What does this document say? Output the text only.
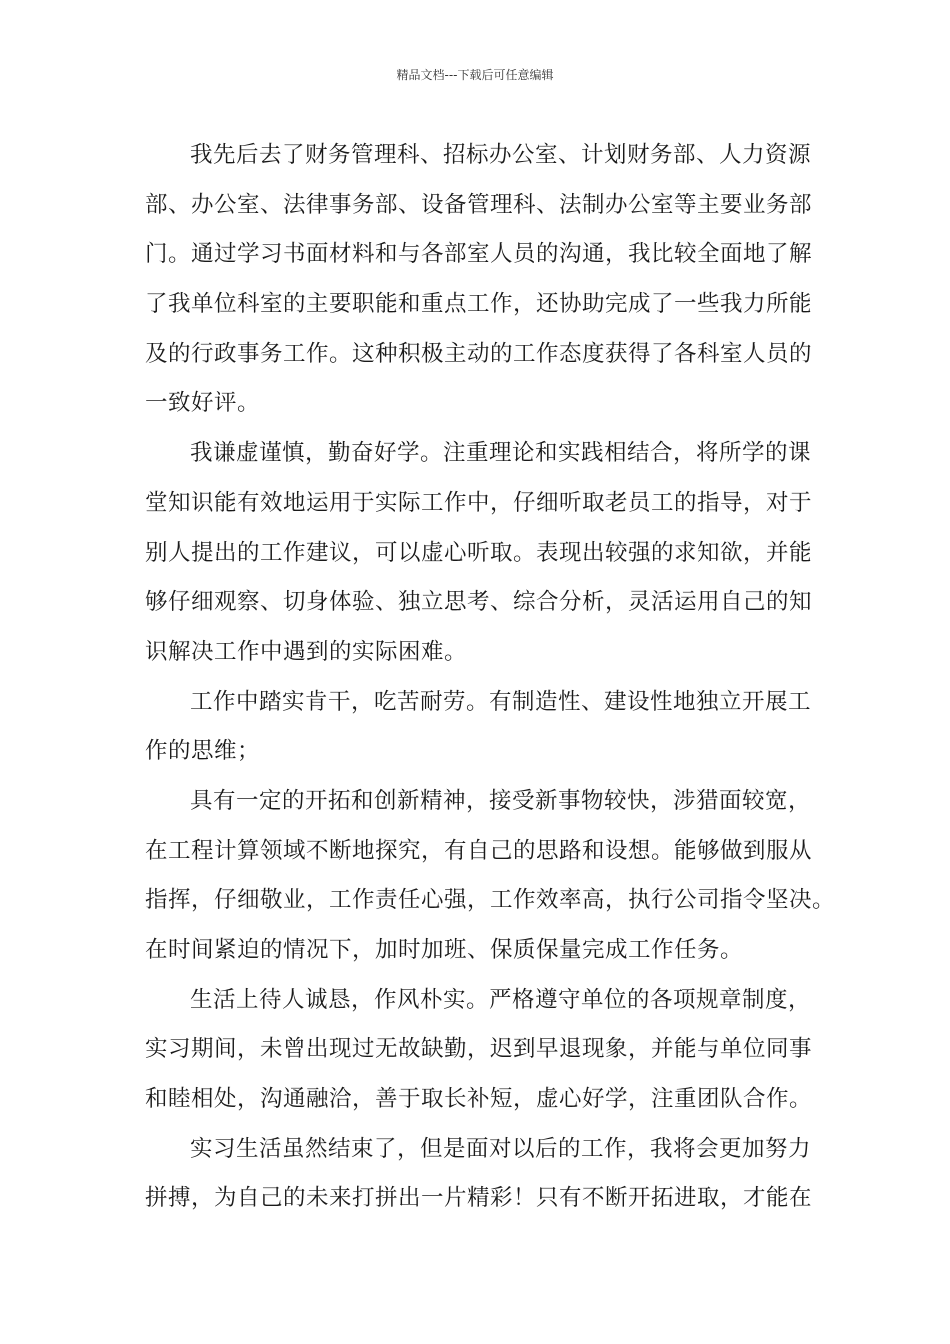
精品文档---下载后可任意编辑
我先后去了财务管理科、招标办公室、计划财务部、人力资源
部、办公室、法律事务部、设备管理科、法制办公室等主要业务部
门。通过学习书面材料和与各部室人员的沟通，我比较全面地了解
了我单位科室的主要职能和重点工作，还协助完成了一些我力所能
及的行政事务工作。这种积极主动的工作态度获得了各科室人员的
一致好评。
我谦虚谨慎，勤奋好学。注重理论和实践相结合，将所学的课
堂知识能有效地运用于实际工作中，仔细听取老员工的指导，对于
别人提出的工作建议，可以虚心听取。表现出较强的求知欲，并能
够仔细观察、切身体验、独立思考、综合分析，灵活运用自己的知
识解决工作中遇到的实际困难。
工作中踏实肯干，吃苦耐劳。有制造性、建设性地独立开展工
作的思维；
具有一定的开拓和创新精神，接受新事物较快，涉猎面较宽，
在工程计算领域不断地探究，有自己的思路和设想。能够做到服从
指挥，仔细敬业，工作责任心强，工作效率高，执行公司指令坚决。
在时间紧迫的情况下，加时加班、保质保量完成工作任务。
生活上待人诚恳，作风朴实。严格遵守单位的各项规章制度，
实习期间，未曾出现过无故缺勤，迟到早退现象，并能与单位同事
和睦相处，沟通融洽，善于取长补短，虚心好学，注重团队合作。
实习生活虽然结束了，但是面对以后的工作，我将会更加努力
拼搏，为自己的未来打拼出一片精彩！只有不断开拓进取，才能在
